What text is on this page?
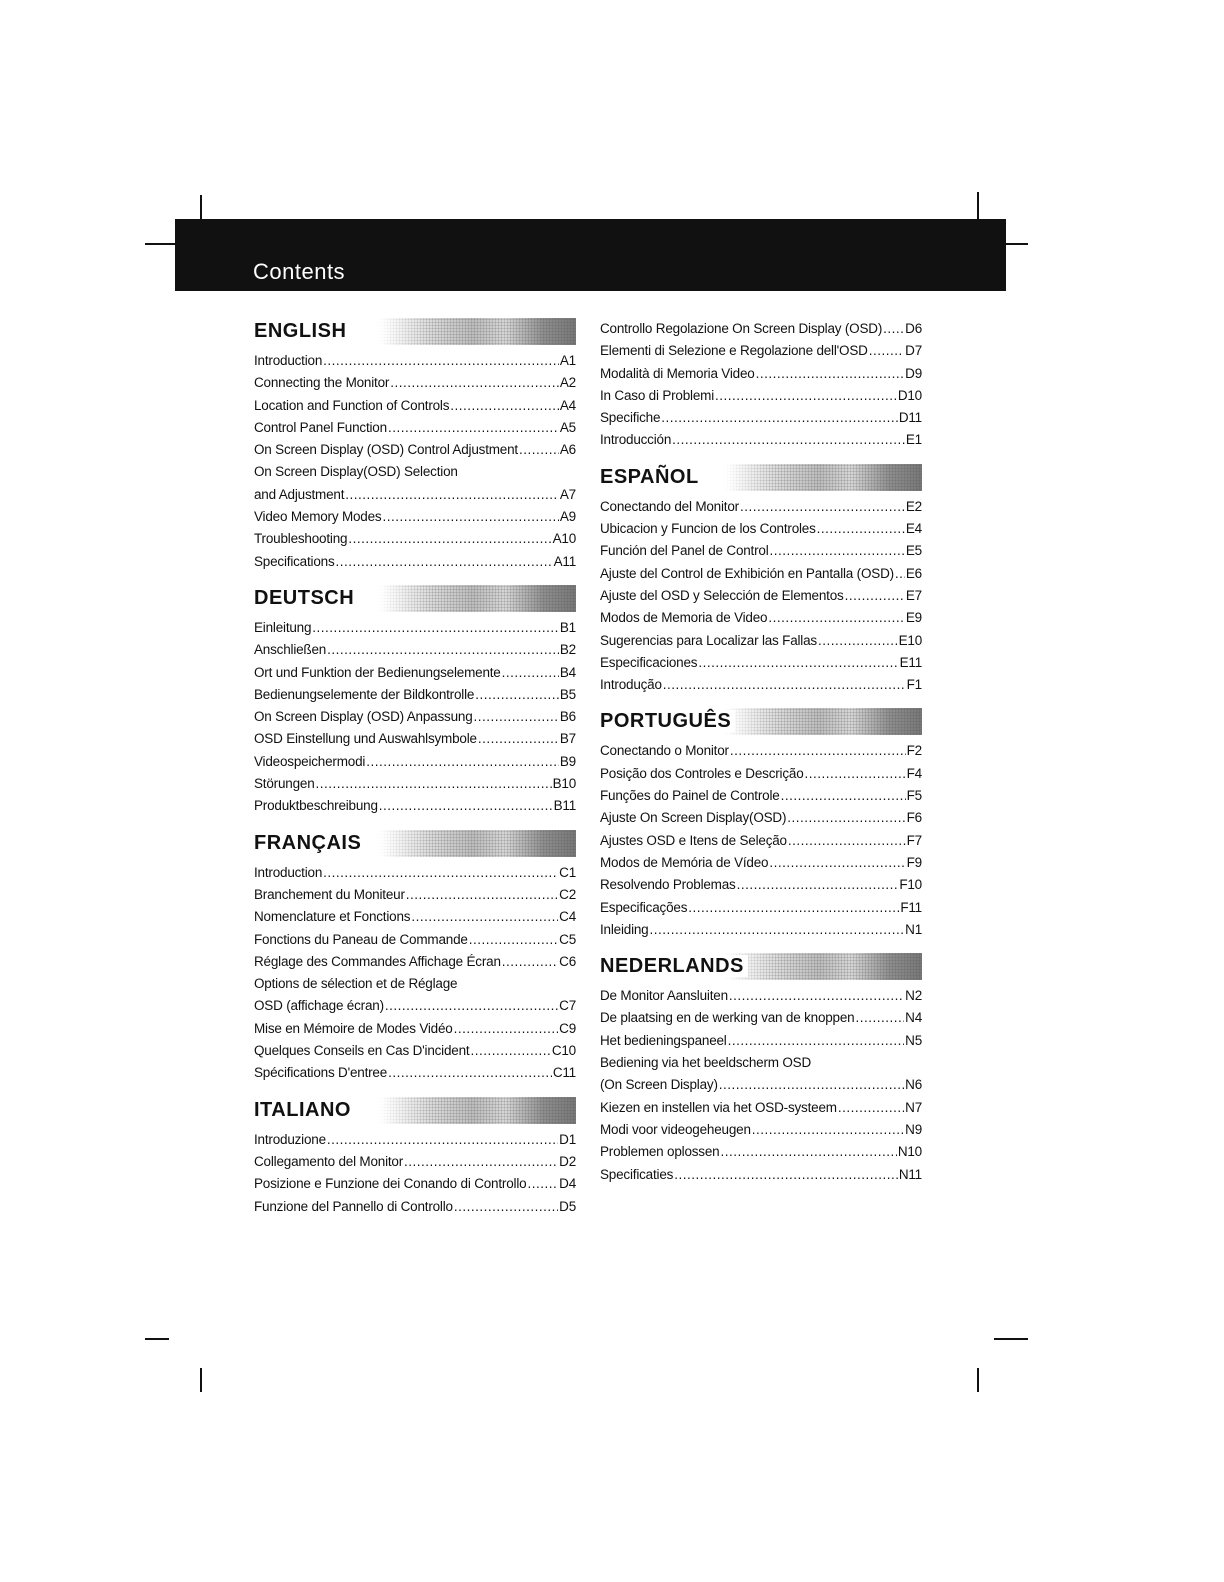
Contents
ENGLISH
Introduction .....	A1
Connecting the Monitor .....	A2
Location and Function of Controls .....	A4
Control Panel Function .....	A5
On Screen Display (OSD) Control Adjustment .....	A6
On Screen Display(OSD) Selection
and Adjustment .....	A7
Video Memory Modes .....	A9
Troubleshooting .....	A10
Specifications .....	A11
DEUTSCH
Einleitung .....	B1
Anschließen .....	B2
Ort und Funktion der Bedienungselemente .....	B4
Bedienungselemente der Bildkontrolle .....	B5
On Screen Display (OSD) Anpassung .....	B6
OSD Einstellung und Auswahlsymbole .....	B7
Videospeichermodi .....	B9
Störungen .....	B10
Produktbeschreibung .....	B11
FRANÇAIS
Introduction .....	C1
Branchement du Moniteur .....	C2
Nomenclature et Fonctions .....	C4
Fonctions du Paneau de Commande .....	C5
Réglage des Commandes Affichage Écran .....	C6
Options de sélection et de Réglage
OSD (affichage écran) .....	C7
Mise en Mémoire de Modes Vidéo .....	C9
Quelques Conseils en Cas D'incident .....	C10
Spécifications D'entree .....	C11
ITALIANO
Introduzione .....	D1
Collegamento del Monitor .....	D2
Posizione e Funzione dei Conando di Controllo ..... D4
Funzione del Pannello di Controllo .....	D5
Controllo Regolazione On Screen Display (OSD) ..... D6
Elementi di Selezione e Regolazione dell'OSD .....	D7
Modalità di Memoria Video .....	D9
In Caso di Problemi .....	D10
Specifiche .....	D11
Introducción .....	E1
ESPAÑOL
Conectando del Monitor .....	E2
Ubicacion y Funcion de los Controles .....	E4
Función del Panel de Control .....	E5
Ajuste del Control de Exhibición en Pantalla (OSD) ..... E6
Ajuste del OSD y Selección de Elementos .....	E7
Modos de Memoria de Video .....	E9
Sugerencias para Localizar las Fallas .....	E10
Especificaciones .....	E11
Introdução .....	F1
PORTUGUÊS
Conectando o Monitor .....	F2
Posição dos Controles e Descrição .....	F4
Funções do Painel de Controle .....	F5
Ajuste On Screen Display(OSD) .....	F6
Ajustes OSD e Itens de Seleção .....	F7
Modos de Memória de Vídeo .....	F9
Resolvendo Problemas .....	F10
Especificações .....	F11
Inleiding .....	N1
NEDERLANDS
De Monitor Aansluiten .....	N2
De plaatsing en de werking van de knoppen .....	N4
Het bedieningspaneel .....	N5
Bediening via het beeldscherm OSD
(On Screen Display) .....	N6
Kiezen en instellen via het OSD-systeem .....	N7
Modi voor videogeheugen .....	N9
Problemen oplossen .....	N10
Specificaties .....	N11
